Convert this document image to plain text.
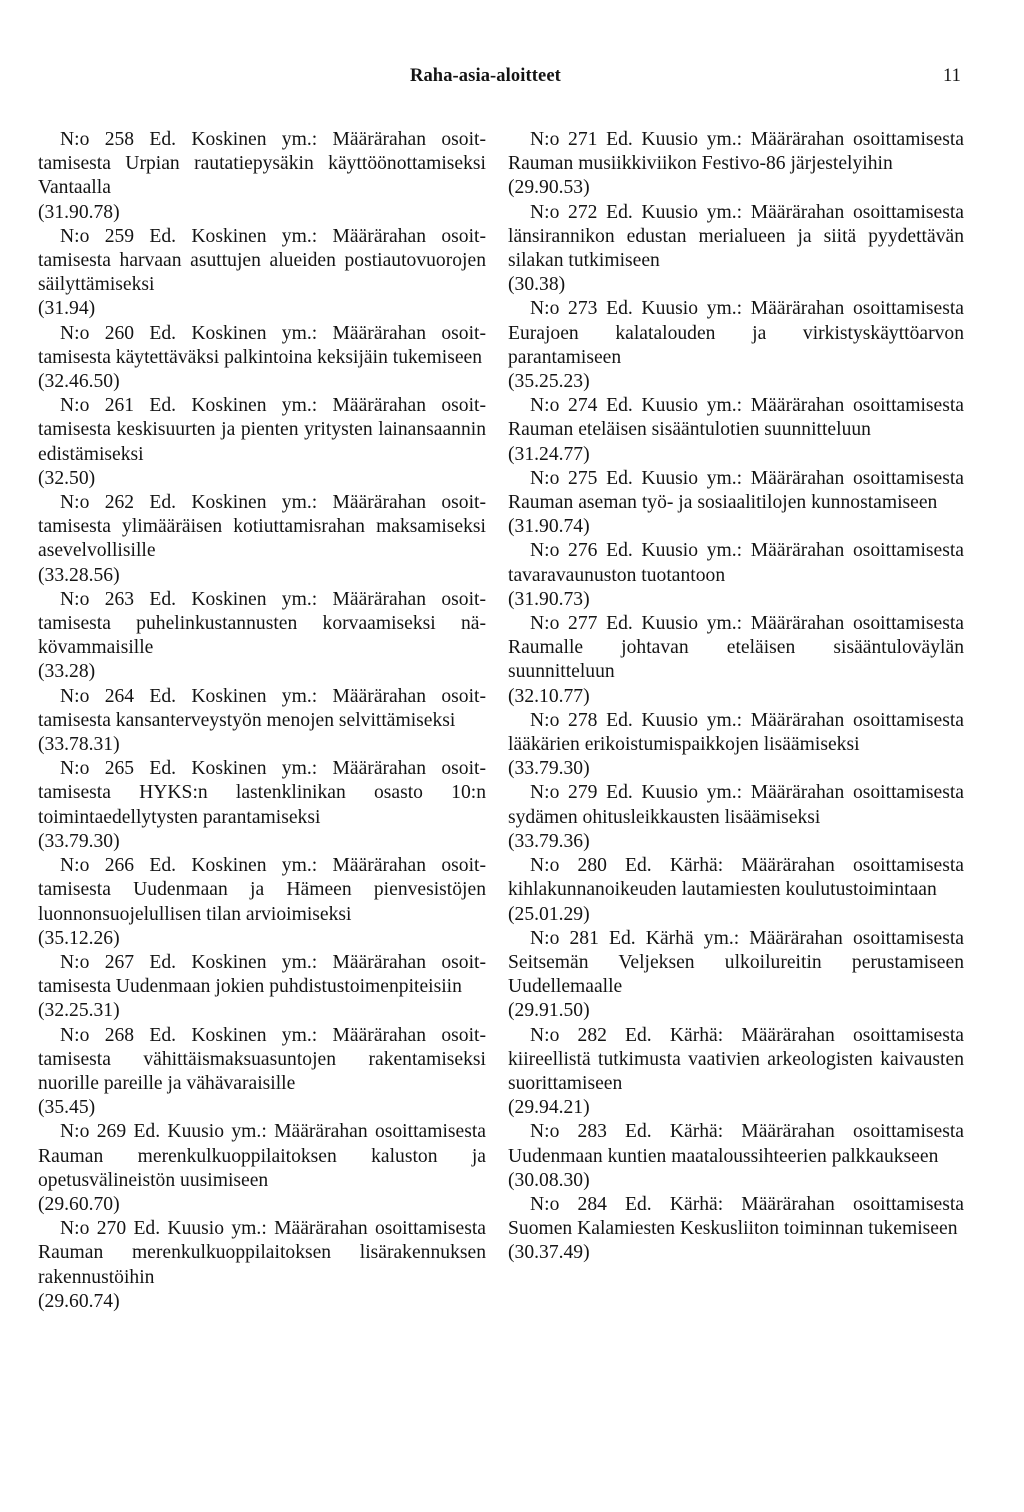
Raha-asia-aloitteet	11
N:o 258 Ed. Koskinen ym.: Määrärahan osoittamisesta Urpian rautatiepysäkin käyttöönottamiseksi Vantaalla
(31.90.78)
N:o 259 Ed. Koskinen ym.: Määrärahan osoittamisesta harvaan asuttujen alueiden postiautovuorojen säilyttämiseksi
(31.94)
N:o 260 Ed. Koskinen ym.: Määrärahan osoittamisesta käytettäväksi palkintoina keksijäin tukemiseen
(32.46.50)
N:o 261 Ed. Koskinen ym.: Määrärahan osoittamisesta keskisuurten ja pienten yritysten lainansaannin edistämiseksi
(32.50)
N:o 262 Ed. Koskinen ym.: Määrärahan osoittamisesta ylimääräisen kotiuttamisrahan maksamiseksi asevelvollisille
(33.28.56)
N:o 263 Ed. Koskinen ym.: Määrärahan osoittamisesta puhelinkustannusten korvaamiseksi näkövammaisille
(33.28)
N:o 264 Ed. Koskinen ym.: Määrärahan osoittamisesta kansanterveystyön menojen selvittämiseksi
(33.78.31)
N:o 265 Ed. Koskinen ym.: Määrärahan osoittamisesta HYKS:n lastenklinikan osasto 10:n toimintaedellytysten parantamiseksi
(33.79.30)
N:o 266 Ed. Koskinen ym.: Määrärahan osoittamisesta Uudenmaan ja Hämeen pienvesistöjen luonnonsuojelullisen tilan arvioimiseksi
(35.12.26)
N:o 267 Ed. Koskinen ym.: Määrärahan osoittamisesta Uudenmaan jokien puhdistustoimenpiteisiin
(32.25.31)
N:o 268 Ed. Koskinen ym.: Määrärahan osoittamisesta vähittäismaksuasuntojen rakentamiseksi nuorille pareille ja vähävaraisille
(35.45)
N:o 269 Ed. Kuusio ym.: Määrärahan osoittamisesta Rauman merenkulkuoppilaitoksen kaluston ja opetusvälineistön uusimiseen
(29.60.70)
N:o 270 Ed. Kuusio ym.: Määrärahan osoittamisesta Rauman merenkulkuoppilaitoksen lisärakennuksen rakennustöihin
(29.60.74)
N:o 271 Ed. Kuusio ym.: Määrärahan osoittamisesta Rauman musiikkiviikon Festivo-86 järjestelyihin
(29.90.53)
N:o 272 Ed. Kuusio ym.: Määrärahan osoittamisesta länsirannikon edustan merialueen ja siitä pyydettävän silakan tutkimiseen
(30.38)
N:o 273 Ed. Kuusio ym.: Määrärahan osoittamisesta Eurajoen kalatalouden ja virkistyskäyttöarvon parantamiseen
(35.25.23)
N:o 274 Ed. Kuusio ym.: Määrärahan osoittamisesta Rauman eteläisen sisääntulotien suunnitteluun
(31.24.77)
N:o 275 Ed. Kuusio ym.: Määrärahan osoittamisesta Rauman aseman työ- ja sosiaalitilojen kunnostamiseen
(31.90.74)
N:o 276 Ed. Kuusio ym.: Määrärahan osoittamisesta tavaravaunuston tuotantoon
(31.90.73)
N:o 277 Ed. Kuusio ym.: Määrärahan osoittamisesta Raumalle johtavan eteläisen sisääntuloväylän suunnitteluun
(32.10.77)
N:o 278 Ed. Kuusio ym.: Määrärahan osoittamisesta lääkärien erikoistumispaikkojen lisäämiseksi
(33.79.30)
N:o 279 Ed. Kuusio ym.: Määrärahan osoittamisesta sydämen ohitusleikkausten lisäämiseksi
(33.79.36)
N:o 280 Ed. Kärhä: Määrärahan osoittamisesta kihlakunnanoikeuden lautamiesten koulutustoimintaan
(25.01.29)
N:o 281 Ed. Kärhä ym.: Määrärahan osoittamisesta Seitsemän Veljeksen ulkoilureitin perustamiseen Uudellemaalle
(29.91.50)
N:o 282 Ed. Kärhä: Määrärahan osoittamisesta kiireellistä tutkimusta vaativien arkeologisten kaivausten suorittamiseen
(29.94.21)
N:o 283 Ed. Kärhä: Määrärahan osoittamisesta Uudenmaan kuntien maataloussihteerien palkkaukseen
(30.08.30)
N:o 284 Ed. Kärhä: Määrärahan osoittamisesta Suomen Kalamiesten Keskusliiton toiminnan tukemiseen
(30.37.49)
